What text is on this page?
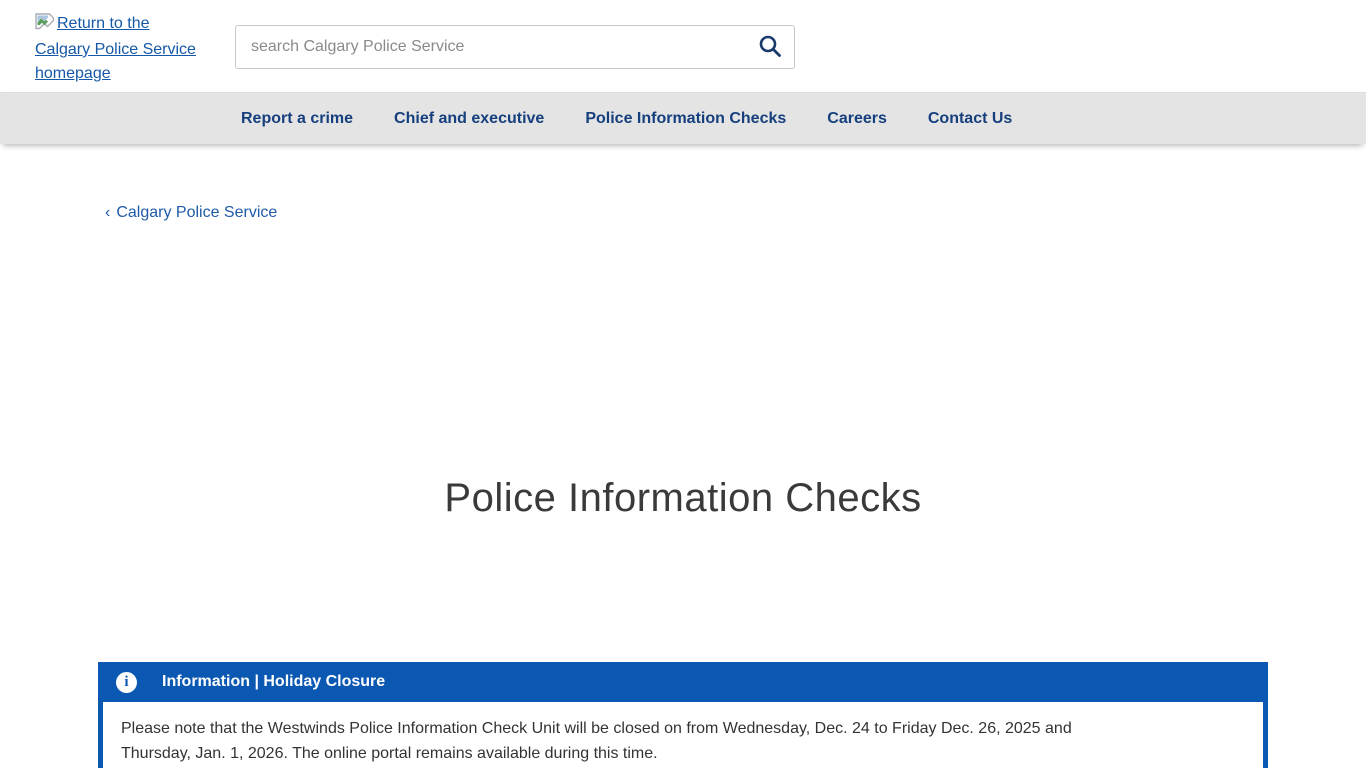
Return to the Calgary Police Service homepage
search Calgary Police Service
Report a crime	Chief and executive	Police Information Checks	Careers	Contact Us
‹ Calgary Police Service
Police Information Checks
i	Information | Holiday Closure

Please note that the Westwinds Police Information Check Unit will be closed on from Wednesday, Dec. 24 to Friday Dec. 26, 2025 and Thursday, Jan. 1, 2026. The online portal remains available during this time.
